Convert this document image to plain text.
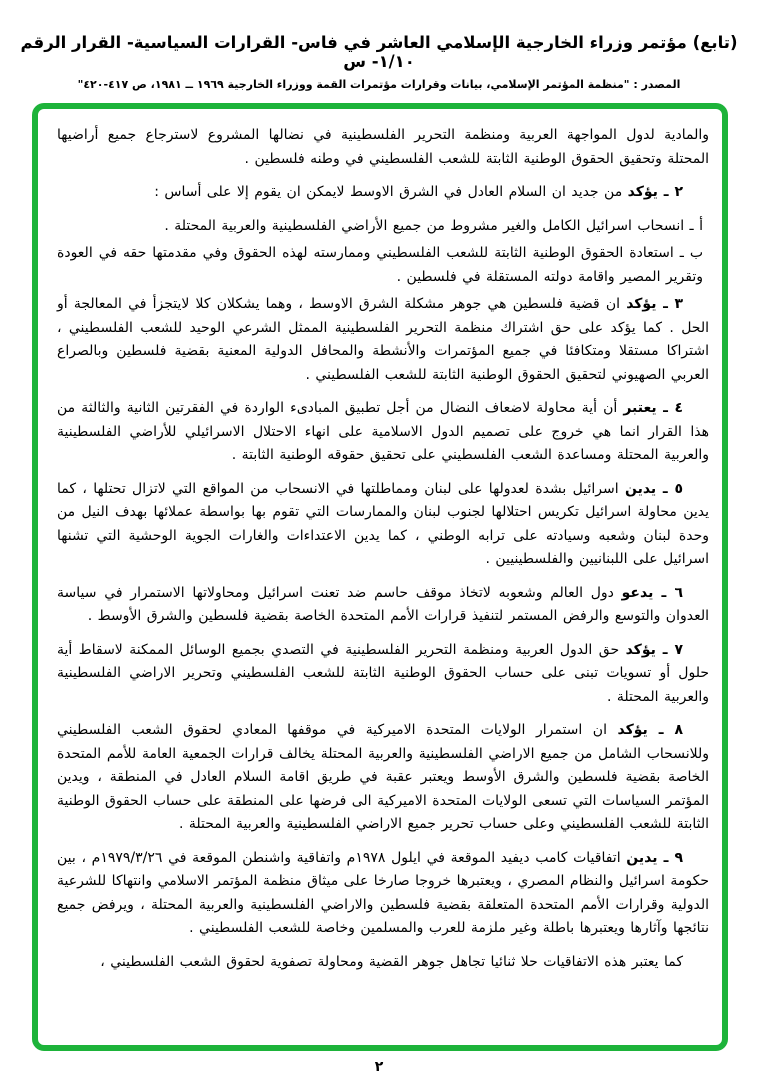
(تابع) مؤتمر وزراء الخارجية الإسلامي العاشر في فاس- القرارات السياسية- القرار الرقم ١/١٠- س
المصدر : "منظمة المؤتمر الإسلامي، بيانات وقرارات مؤتمرات القمة ووزراء الخارجية ١٩٦٩ ــ ١٩٨١، ص ٤١٧-٤٢٠"

والمادية لدول المواجهة العربية ومنظمة التحرير الفلسطينية في نضالها المشروع لاسترجاع جميع أراضيها المحتلة وتحقيق الحقوق الوطنية الثابتة للشعب الفلسطيني في وطنه فلسطين .

٢ ـ يؤكد من جديد ان السلام العادل في الشرق الاوسط لايمكن ان يقوم إلا على أساس :

أ ـ انسحاب اسرائيل الكامل والغير مشروط من جميع الأراضي الفلسطينية والعربية المحتلة .

ب ـ استعادة الحقوق الوطنية الثابتة للشعب الفلسطيني وممارسته لهذه الحقوق وفي مقدمتها حقه في العودة وتقرير المصير واقامة دولته المستقلة في فلسطين .

٣ ـ يؤكد ان قضية فلسطين هي جوهر مشكلة الشرق الاوسط ، وهما يشكلان كلا لايتجزأ في المعالجة أو الحل . كما يؤكد على حق اشتراك منظمة التحرير الفلسطينية الممثل الشرعي الوحيد للشعب الفلسطيني ، اشتراكا مستقلا ومتكافئا في جميع المؤتمرات والأنشطة والمحافل الدولية المعنية بقضية فلسطين وبالصراع العربي الصهيوني لتحقيق الحقوق الوطنية الثابتة للشعب الفلسطيني .

٤ ـ يعتبر أن أية محاولة لاضعاف النضال من أجل تطبيق المبادىء الواردة في الفقرتين الثانية والثالثة من هذا القرار انما هي خروج على تصميم الدول الاسلامية على انهاء الاحتلال الاسرائيلي للأراضي الفلسطينية والعربية المحتلة ومساعدة الشعب الفلسطيني على تحقيق حقوقه الوطنية الثابتة .

٥ ـ يدين اسرائيل بشدة لعدولها على لبنان ومماطلتها في الانسحاب من المواقع التي لاتزال تحتلها ، كما يدين محاولة اسرائيل تكريس احتلالها لجنوب لبنان والممارسات التي تقوم بها بواسطة عملائها بهدف النيل من وحدة لبنان وشعبه وسيادته على ترابه الوطني ، كما يدين الاعتداءات والغارات الجوية الوحشية التي تشنها اسرائيل على اللبنانيين والفلسطينيين .

٦ ـ يدعو دول العالم وشعوبه لاتخاذ موقف حاسم ضد تعنت اسرائيل ومحاولاتها الاستمرار في سياسة العدوان والتوسع والرفض المستمر لتنفيذ قرارات الأمم المتحدة الخاصة بقضية فلسطين والشرق الأوسط .

٧ ـ يؤكد حق الدول العربية ومنظمة التحرير الفلسطينية في التصدي بجميع الوسائل الممكنة لاسقاط أية حلول أو تسويات تبنى على حساب الحقوق الوطنية الثابتة للشعب الفلسطيني وتحرير الاراضي الفلسطينية والعربية المحتلة .

٨ ـ يؤكد ان استمرار الولايات المتحدة الاميركية في موقفها المعادي لحقوق الشعب الفلسطيني وللانسحاب الشامل من جميع الاراضي الفلسطينية والعربية المحتلة يخالف قرارات الجمعية العامة للأمم المتحدة الخاصة بقضية فلسطين والشرق الأوسط ويعتبر عقبة في طريق اقامة السلام العادل في المنطقة ، ويدين المؤتمر السياسات التي تسعى الولايات المتحدة الاميركية الى فرضها على المنطقة على حساب الحقوق الوطنية الثابتة للشعب الفلسطيني وعلى حساب تحرير جميع الاراضي الفلسطينية والعربية المحتلة .

٩ ـ يدين اتفاقيات كامب ديفيد الموقعة في ايلول ١٩٧٨م واتفاقية واشنطن الموقعة في ١٩٧٩/٣/٢٦م ، بين حكومة اسرائيل والنظام المصري ، ويعتبرها خروجا صارخا على ميثاق منظمة المؤتمر الاسلامي وانتهاكا للشرعية الدولية وقرارات الأمم المتحدة المتعلقة بقضية فلسطين والاراضي الفلسطينية والعربية المحتلة ، ويرفض جميع نتائجها وآثارها ويعتبرها باطلة وغير ملزمة للعرب والمسلمين وخاصة للشعب الفلسطيني .

كما يعتبر هذه الاتفاقيات حلا ثنائيا تجاهل جوهر القضية ومحاولة تصفوية لحقوق الشعب الفلسطيني ،

٢
